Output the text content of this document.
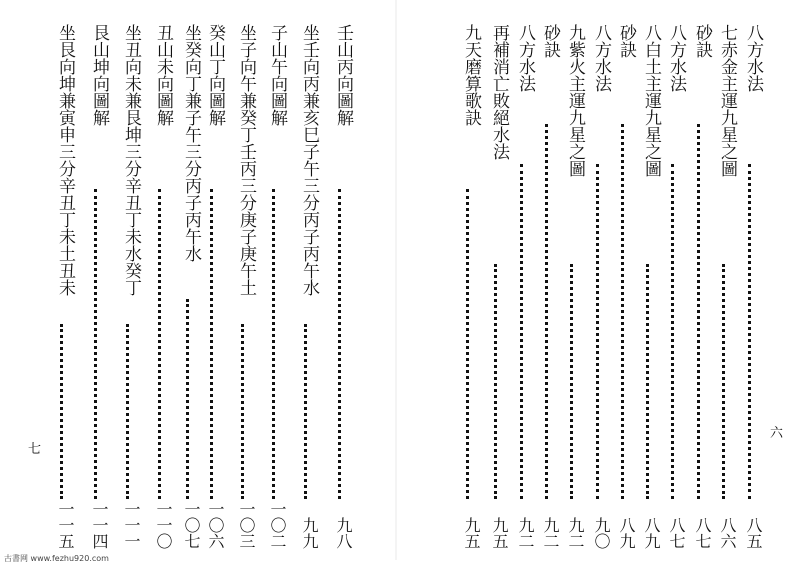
坐艮向坤兼寅申三分辛丑丁未土丑未
一一五
艮山坤向圖解
一一四
坐丑向未兼艮坤三分辛丑丁未水癸丁
一一一
丑山未向圖解
一一〇
坐癸向丁兼子午三分丙子丙午水
一〇七
癸山丁向圖解
一〇六
坐子向午兼癸丁壬丙三分庚子庚午土
一〇三
子山午向圖解
一〇二
坐壬向丙兼亥巳子午三分丙子丙午水
九九
壬山丙向圖解
九八
七
九天磨算歌訣
九五
再補消亡敗絕水法
九五
八方水法
九二
砂訣
九二
九紫火主運九星之圖
九二
八方水法
九〇
砂訣
八九
八白土主運九星之圖
八九
八方水法
八七
砂訣
八七
七赤金主運九星之圖
八六
八方水法
八五
六
古書网 www.fezhu920.com
